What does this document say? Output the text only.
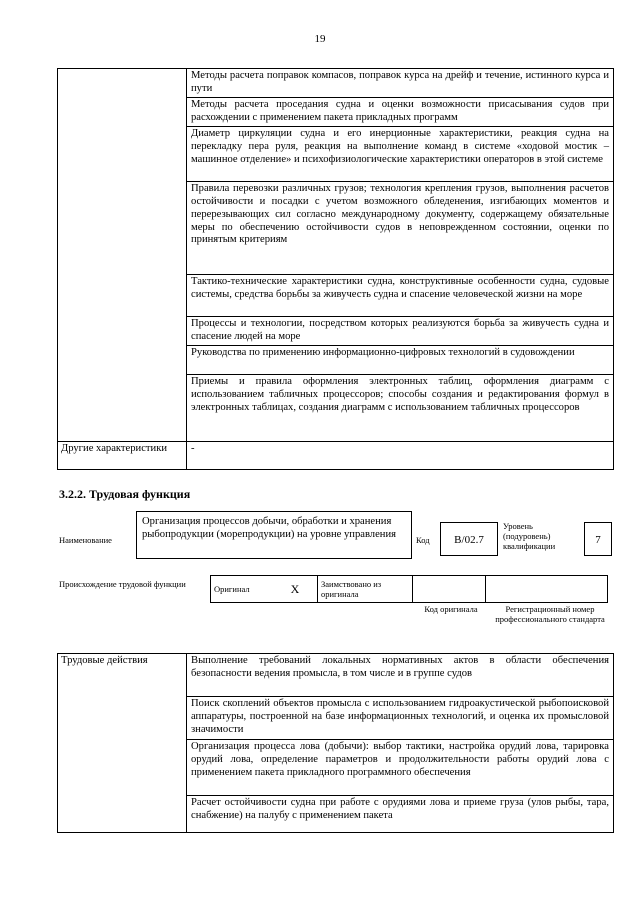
19
	Методы расчета поправок компасов, поправок курса на дрейф и течение, истинного курса и пути
	Методы расчета проседания судна и оценки возможности присасывания судов при расхождении с применением пакета прикладных программ
	Диаметр циркуляции судна и его инерционные характеристики, реакция судна на перекладку пера руля, реакция на выполнение команд в системе «ходовой мостик – машинное отделение» и психофизиологические характеристики операторов в этой системе
	Правила перевозки различных грузов; технология крепления грузов, выполнения расчетов остойчивости и посадки с учетом возможного обледенения, изгибающих моментов и перерезывающих сил согласно международному документу, содержащему обязательные меры по обеспечению остойчивости судов в неповрежденном состоянии, оценки по принятым критериям
	Тактико-технические характеристики судна, конструктивные особенности судна, судовые системы, средства борьбы за живучесть судна и спасение человеческой жизни на море
	Процессы и технологии, посредством которых реализуются борьба за живучесть судна и спасение людей на море
	Руководства по применению информационно-цифровых технологий в судовождении
	Приемы и правила оформления электронных таблиц, оформления диаграмм с использованием табличных процессоров; способы создания и редактирования формул в электронных таблицах, создания диаграмм с использованием табличных процессоров
Другие характеристики	-
3.2.2. Трудовая функция
Наименование
Организация процессов добычи, обработки и хранения рыбопродукции (морепродукции) на уровне управления
Код	B/02.7
Уровень (подуровень) квалификации	7
Происхождение трудовой функции	Оригинал	X	Заимствовано из оригинала		
Код оригинала	Регистрационный номер профессионального стандарта
Трудовые действия	Выполнение требований локальных нормативных актов в области обеспечения безопасности ведения промысла, в том числе и в группе судов
Поиск скоплений объектов промысла с использованием гидроакустической рыбопоисковой аппаратуры, построенной на базе информационных технологий, и оценка их промысловой значимости
Организация процесса лова (добычи): выбор тактики, настройка орудий лова, тарировка орудий лова, определение параметров и продолжительности работы орудий лова с применением пакета прикладного программного обеспечения
Расчет остойчивости судна при работе с орудиями лова и приеме груза (улов рыбы, тара, снабжение) на палубу с применением пакета
